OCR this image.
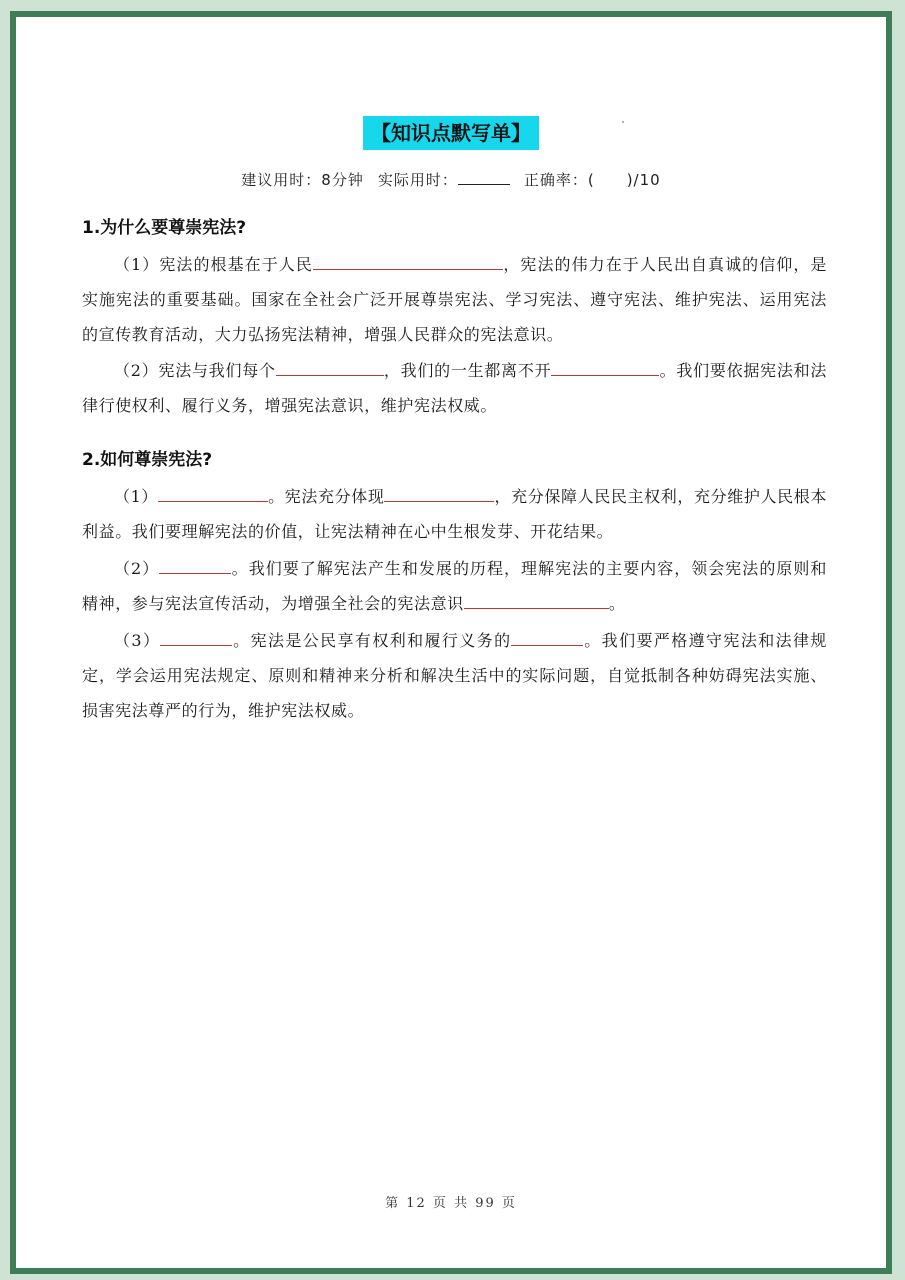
【知识点默写单】
建议用时：8分钟 实际用时：	正确率：( )/10
1.为什么要尊崇宪法?
（1）宪法的根基在于人民	，宪法的伟力在于人民出自真诚的信仰，是实施宪法的重要基础。国家在全社会广泛开展尊崇宪法、学习宪法、遵守宪法、维护宪法、运用宪法的宣传教育活动，大力弘扬宪法精神，增强人民群众的宪法意识。
（2）宪法与我们每个	，我们的一生都离不开	。我们要依据宪法和法律行使权利、履行义务，增强宪法意识，维护宪法权威。
2.如何尊崇宪法?
（1）	。宪法充分体现	，充分保障人民民主权利，充分维护人民根本利益。我们要理解宪法的价值，让宪法精神在心中生根发芽、开花结果。
（2）	。我们要了解宪法产生和发展的历程，理解宪法的主要内容，领会宪法的原则和精神，参与宪法宣传活动，为增强全社会的宪法意识	。
（3）	。宪法是公民享有权利和履行义务的	。我们要严格遵守宪法和法律规定，学会运用宪法规定、原则和精神来分析和解决生活中的实际问题，自觉抵制各种妨碍宪法实施、损害宪法尊严的行为，维护宪法权威。
第 12 页 共 99 页
